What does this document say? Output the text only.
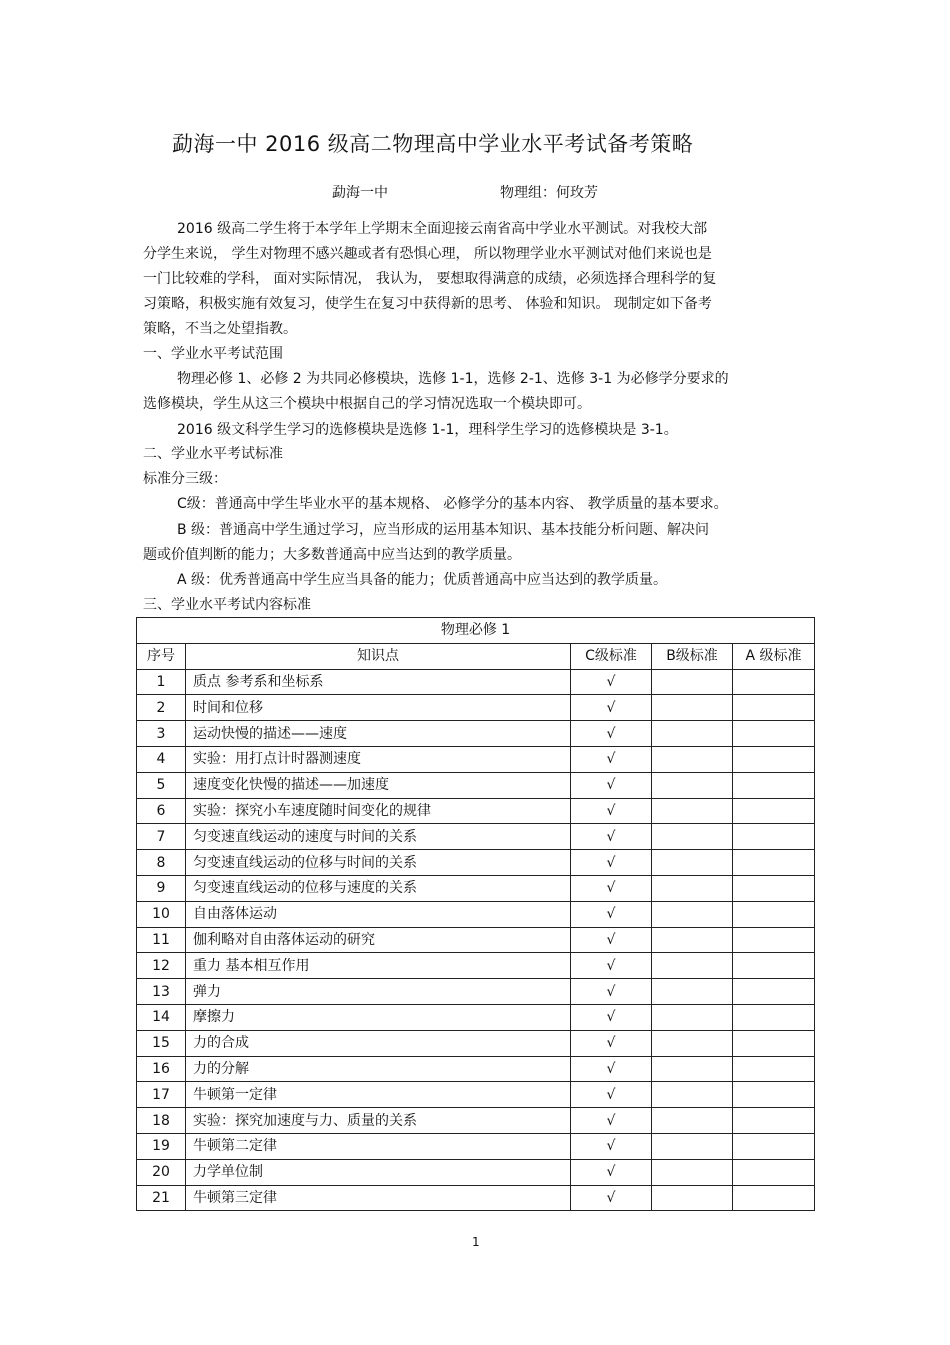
勐海一中 2016 级高二物理高中学业水平考试备考策略
勐海一中	物理组：何玫芳
2016 级高二学生将于本学年上学期末全面迎接云南省高中学业水平测试。对我校大部
分学生来说， 学生对物理不感兴趣或者有恐惧心理， 所以物理学业水平测试对他们来说也是
一门比较难的学科， 面对实际情况， 我认为， 要想取得满意的成绩，必须选择合理科学的复
习策略，积极实施有效复习，使学生在复习中获得新的思考、 体验和知识。 现制定如下备考
策略，不当之处望指教。
一、学业水平考试范围
物理必修 1、必修 2 为共同必修模块，选修 1-1，选修 2-1、选修 3-1 为必修学分要求的
选修模块，学生从这三个模块中根据自己的学习情况选取一个模块即可。
2016 级文科学生学习的选修模块是选修 1-1，理科学生学习的选修模块是 3-1。
二、学业水平考试标准
标准分三级：
C级：普通高中学生毕业水平的基本规格、 必修学分的基本内容、 教学质量的基本要求。
B 级：普通高中学生通过学习，应当形成的运用基本知识、基本技能分析问题、解决问
题或价值判断的能力；大多数普通高中应当达到的教学质量。
A 级：优秀普通高中学生应当具备的能力；优质普通高中应当达到的教学质量。
三、学业水平考试内容标准
物理必修 1				
序号	知识点	C级标准	B级标准	A 级标准
1	质点 参考系和坐标系	√		
2	时间和位移	√		
3	运动快慢的描述——速度	√		
4	实验：用打点计时器测速度	√		
5	速度变化快慢的描述——加速度	√		
6	实验：探究小车速度随时间变化的规律	√		
7	匀变速直线运动的速度与时间的关系	√		
8	匀变速直线运动的位移与时间的关系	√		
9	匀变速直线运动的位移与速度的关系	√		
10	自由落体运动	√		
11	伽利略对自由落体运动的研究	√		
12	重力 基本相互作用	√		
13	弹力	√		
14	摩擦力	√		
15	力的合成	√		
16	力的分解	√		
17	牛顿第一定律	√		
18	实验：探究加速度与力、质量的关系	√		
19	牛顿第二定律	√		
20	力学单位制	√		
21	牛顿第三定律	√		
1
